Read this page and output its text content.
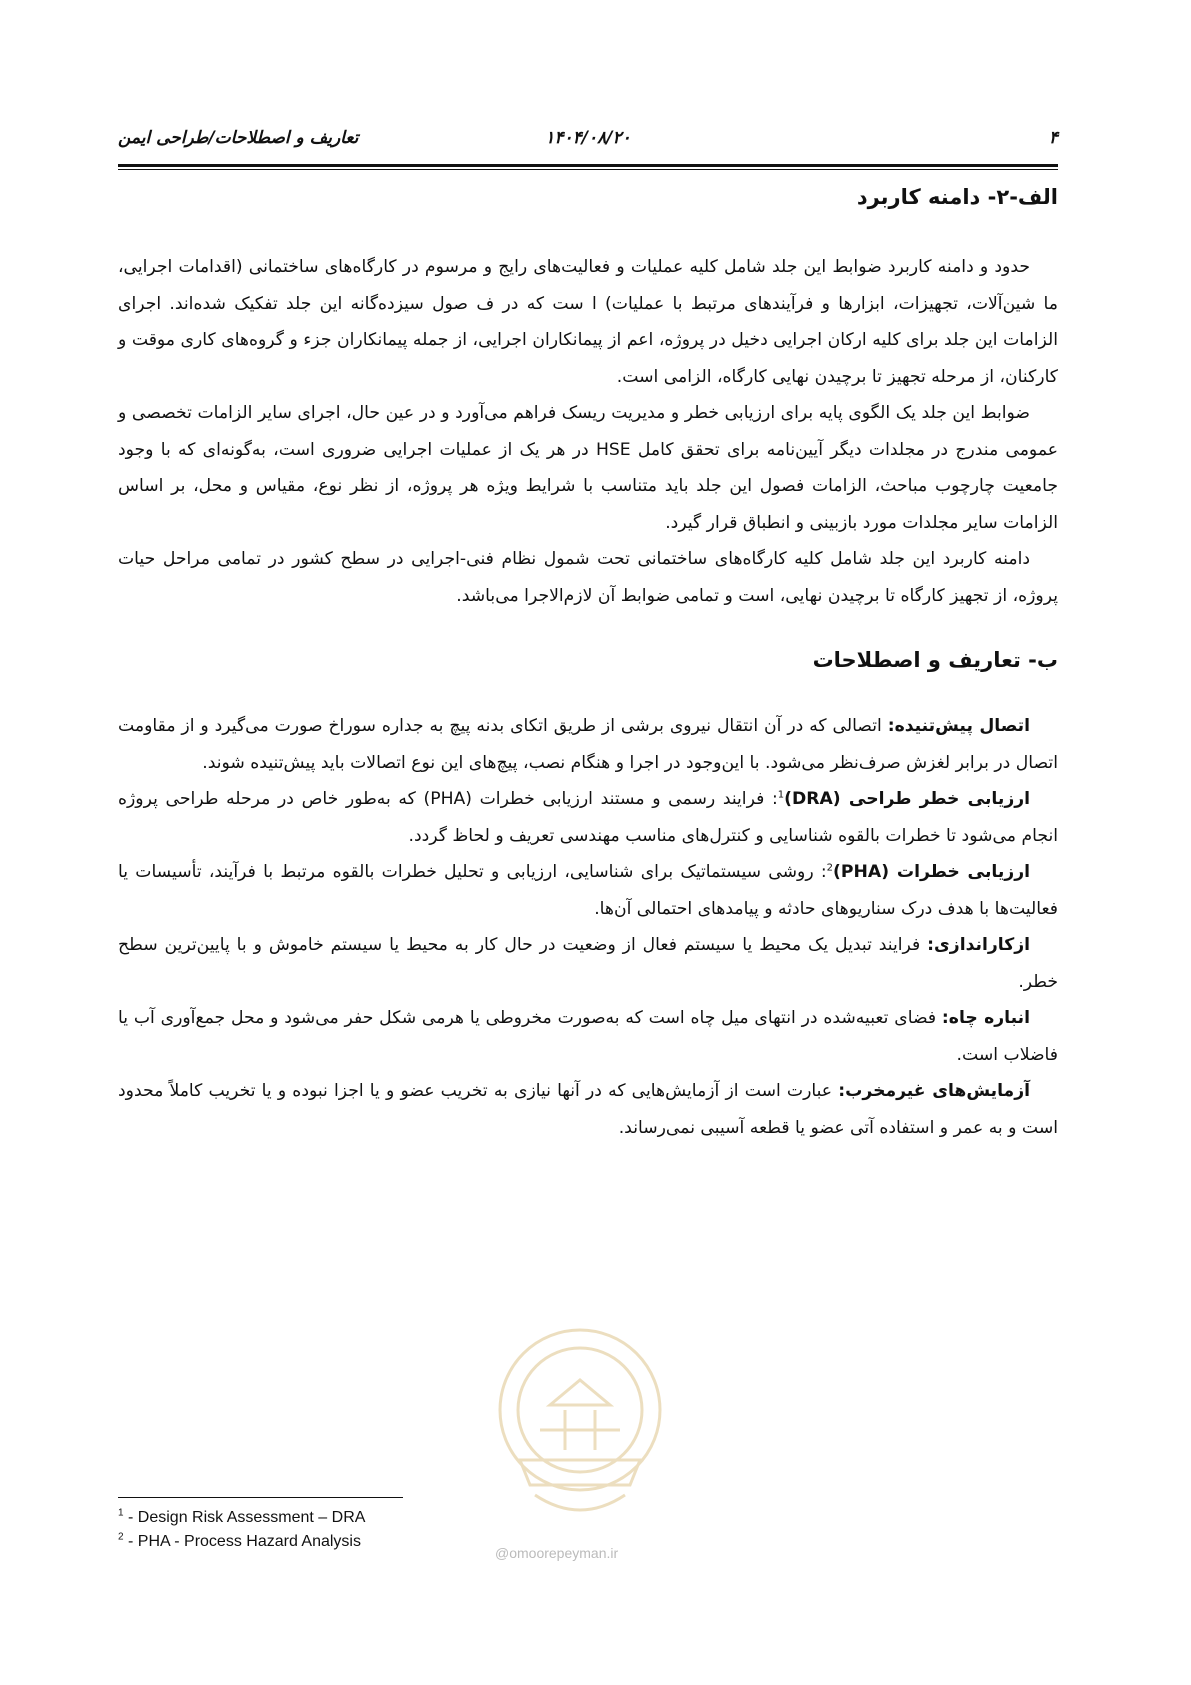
۴
۱۴۰۴/۰۸/۲۰
تعاریف و اصطلاحات/طراحی ایمن
الف-۲- دامنه کاربرد

حدود و دامنه کاربرد ضوابط این جلد شامل کلیه عملیات و فعالیت‌های رایج و مرسوم در کارگاه‌های ساختمانی (اقدامات اجرایی، ما شین‌آلات، تجهیزات، ابزارها و فرآیندهای مرتبط با عملیات) ا ست که در ف صول سیزده‌گانه این جلد تفکیک شده‌اند. اجرای الزامات این جلد برای کلیه ارکان اجرایی دخیل در پروژه، اعم از پیمانکاران اجرایی، از جمله پیمانکاران جزء و گروه‌های کاری موقت و کارکنان، از مرحله تجهیز تا برچیدن نهایی کارگاه، الزامی است.

ضوابط این جلد یک الگوی پایه برای ارزیابی خطر و مدیریت ریسک فراهم می‌آورد و در عین حال، اجرای سایر الزامات تخصصی و عمومی مندرج در مجلدات دیگر آیین‌نامه برای تحقق کامل HSE در هر یک از عملیات اجرایی ضروری است، به‌گونه‌ای که با وجود جامعیت چارچوب مباحث، الزامات فصول این جلد باید متناسب با شرایط ویژه هر پروژه، از نظر نوع، مقیاس و محل، بر اساس الزامات سایر مجلدات مورد بازبینی و انطباق قرار گیرد.

دامنه کاربرد این جلد شامل کلیه کارگاه‌های ساختمانی تحت شمول نظام فنی-اجرایی در سطح کشور در تمامی مراحل حیات پروژه، از تجهیز کارگاه تا برچیدن نهایی، است و تمامی ضوابط آن لازم‌الاجرا می‌باشد.

ب- تعاریف و اصطلاحات

اتصال پیش‌تنیده: اتصالی که در آن انتقال نیروی برشی از طریق اتکای بدنه پیچ به جداره سوراخ صورت می‌گیرد و از مقاومت اتصال در برابر لغزش صرف‌نظر می‌شود. با این‌وجود در اجرا و هنگام نصب، پیچ‌های این نوع اتصالات باید پیش‌تنیده شوند.

ارزیابی خطر طراحی (DRA)$^1$: فرایند رسمی و مستند ارزیابی خطرات (PHA) که به‌طور خاص در مرحله طراحی پروژه انجام می‌شود تا خطرات بالقوه شناسایی و کنترل‌های مناسب مهندسی تعریف و لحاظ گردد.

ارزیابی خطرات (PHA)$^2$: روشی سیستماتیک برای شناسایی، ارزیابی و تحلیل خطرات بالقوه مرتبط با فرآیند، تأسیسات یا فعالیت‌ها با هدف درک سناریوهای حادثه و پیامدهای احتمالی آن‌ها.

ازکاراندازی: فرایند تبدیل یک محیط یا سیستم فعال از وضعیت در حال کار به محیط یا سیستم خاموش و با پایین‌ترین سطح خطر.

انباره چاه: فضای تعبیه‌شده در انتهای میل چاه است که به‌صورت مخروطی یا هرمی شکل حفر می‌شود و محل جمع‌آوری آب یا فاضلاب است.

آزمایش‌های غیرمخرب: عبارت است از آزمایش‌هایی که در آنها نیازی به تخریب عضو و یا اجزا نبوده و یا تخریب کاملاً محدود است و به عمر و استفاده آتی عضو یا قطعه آسیبی نمی‌رساند.

@omoorepeyman.ir
$^1$ - Design Risk Assessment – DRA
$^2$ - PHA - Process Hazard Analysis
